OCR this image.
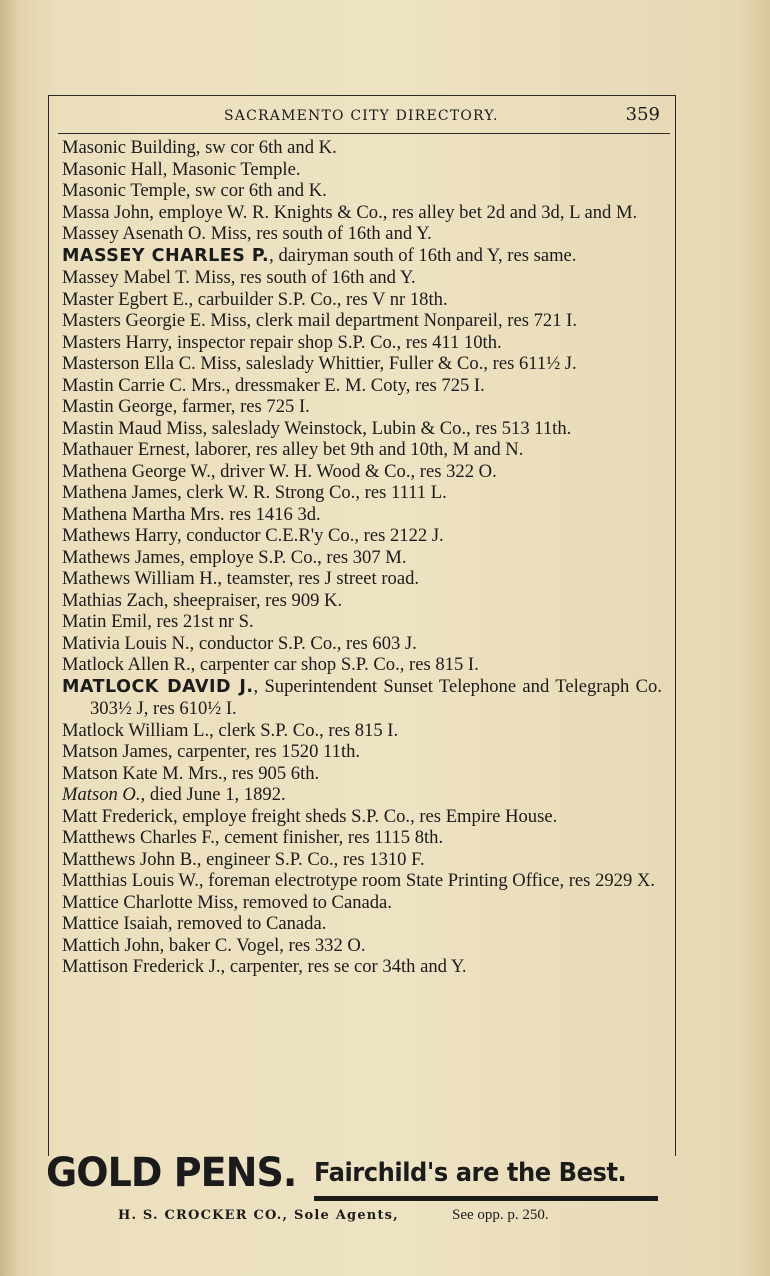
SACRAMENTO CITY DIRECTORY.	359

Masonic Building, sw cor 6th and K.

Masonic Hall, Masonic Temple.

Masonic Temple, sw cor 6th and K.

Massa John, employe W. R. Knights & Co., res alley bet 2d and 3d, L and M.

Massey Asenath O. Miss, res south of 16th and Y.

MASSEY CHARLES P., dairyman south of 16th and Y, res same.

Massey Mabel T. Miss, res south of 16th and Y.

Master Egbert E., carbuilder S.P. Co., res V nr 18th.

Masters Georgie E. Miss, clerk mail department Nonpareil, res 721 I.

Masters Harry, inspector repair shop S.P. Co., res 411 10th.

Masterson Ella C. Miss, saleslady Whittier, Fuller & Co., res 611½ J.

Mastin Carrie C. Mrs., dressmaker E. M. Coty, res 725 I.

Mastin George, farmer, res 725 I.

Mastin Maud Miss, saleslady Weinstock, Lubin & Co., res 513 11th.

Mathauer Ernest, laborer, res alley bet 9th and 10th, M and N.

Mathena George W., driver W. H. Wood & Co., res 322 O.

Mathena James, clerk W. R. Strong Co., res 1111 L.

Mathena Martha Mrs. res 1416 3d.

Mathews Harry, conductor C.E.R'y Co., res 2122 J.

Mathews James, employe S.P. Co., res 307 M.

Mathews William H., teamster, res J street road.

Mathias Zach, sheepraiser, res 909 K.

Matin Emil, res 21st nr S.

Mativia Louis N., conductor S.P. Co., res 603 J.

Matlock Allen R., carpenter car shop S.P. Co., res 815 I.

MATLOCK DAVID J., Superintendent Sunset Telephone and Telegraph Co. 303½ J, res 610½ I.

Matlock William L., clerk S.P. Co., res 815 I.

Matson James, carpenter, res 1520 11th.

Matson Kate M. Mrs., res 905 6th.

Matson O., died June 1, 1892.

Matt Frederick, employe freight sheds S.P. Co., res Empire House.

Matthews Charles F., cement finisher, res 1115 8th.

Matthews John B., engineer S.P. Co., res 1310 F.

Matthias Louis W., foreman electrotype room State Printing Office, res 2929 X.

Mattice Charlotte Miss, removed to Canada.

Mattice Isaiah, removed to Canada.

Mattich John, baker C. Vogel, res 332 O.

Mattison Frederick J., carpenter, res se cor 34th and Y.

GOLD PENS. Fairchild's are the Best.
H. S. CROCKER CO., Sole Agents,	See opp. p. 250.
